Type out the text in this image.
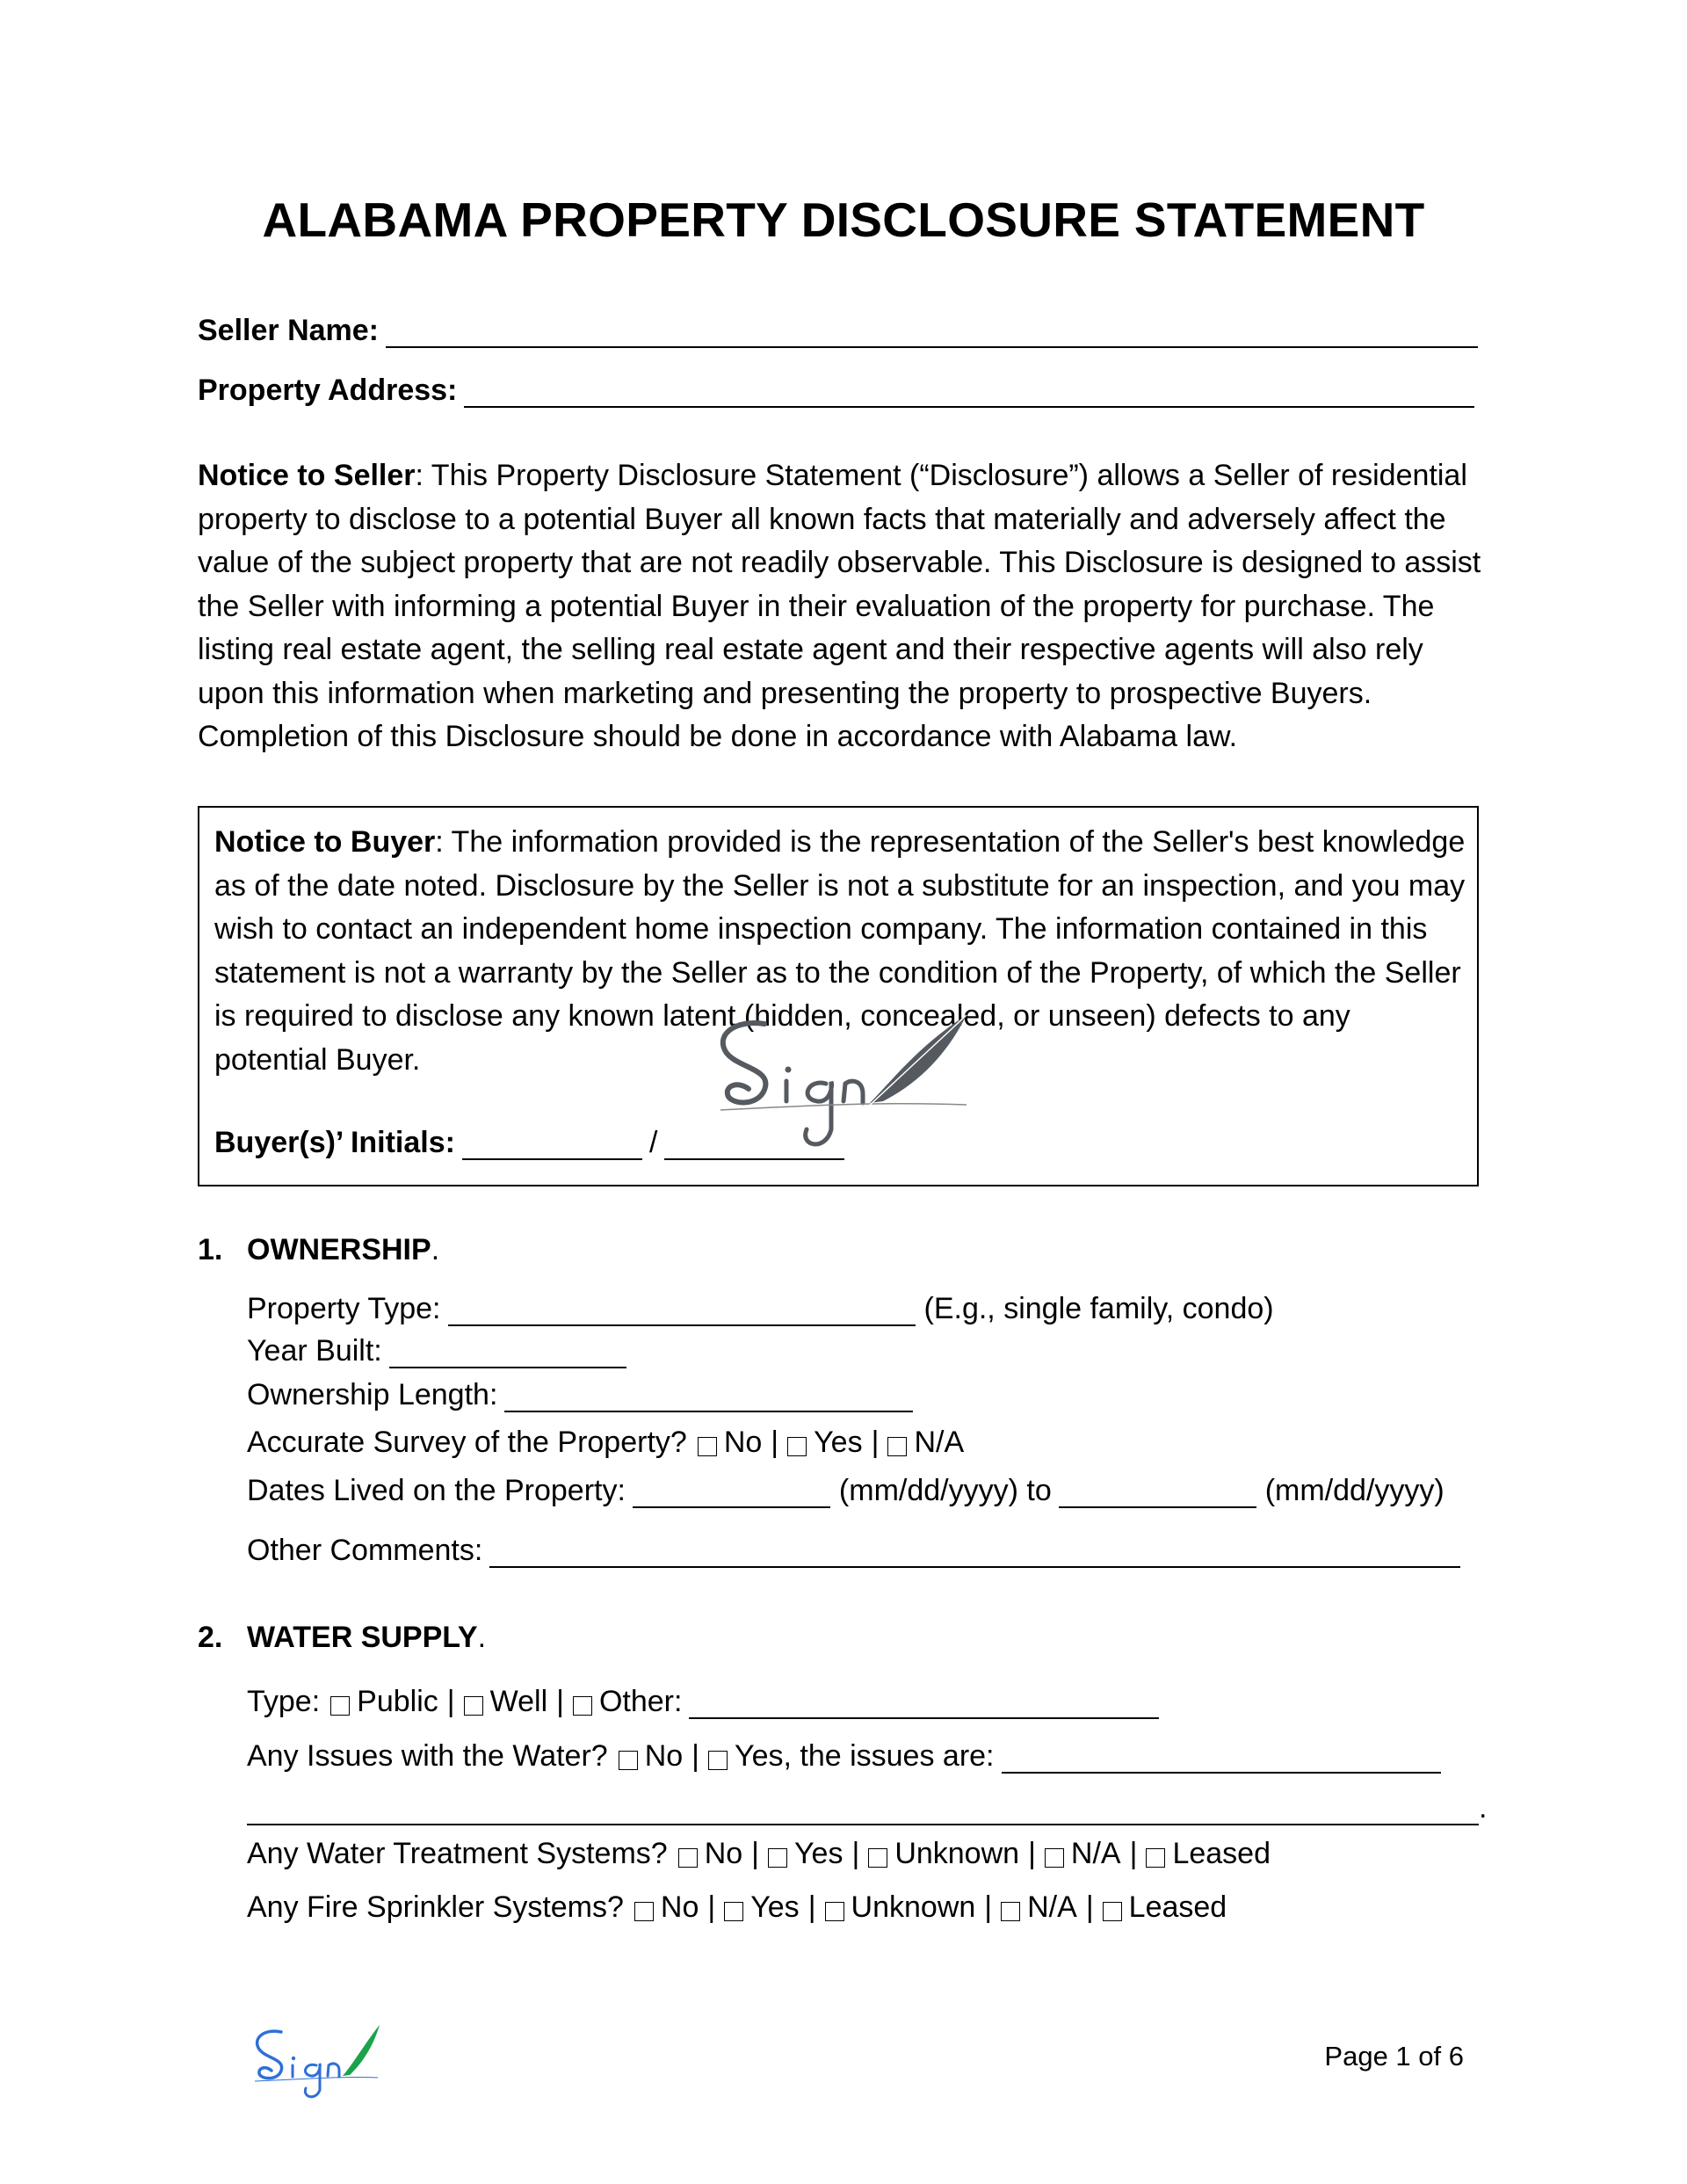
ALABAMA PROPERTY DISCLOSURE STATEMENT
Seller Name:
Property Address:
Notice to Seller: This Property Disclosure Statement (“Disclosure”) allows a Seller of residential property to disclose to a potential Buyer all known facts that materially and adversely affect the value of the subject property that are not readily observable. This Disclosure is designed to assist the Seller with informing a potential Buyer in their evaluation of the property for purchase. The listing real estate agent, the selling real estate agent and their respective agents will also rely upon this information when marketing and presenting the property to prospective Buyers. Completion of this Disclosure should be done in accordance with Alabama law.
Notice to Buyer: The information provided is the representation of the Seller's best knowledge as of the date noted. Disclosure by the Seller is not a substitute for an inspection, and you may wish to contact an independent home inspection company. The information contained in this statement is not a warranty by the Seller as to the condition of the Property, of which the Seller is required to disclose any known latent (hidden, concealed, or unseen) defects to any potential Buyer.
Buyer(s)’ Initials:	/
1. OWNERSHIP.
Property Type:	(E.g., single family, condo)
Year Built:
Ownership Length:
Accurate Survey of the Property? No | Yes | N/A
Dates Lived on the Property:	(mm/dd/yyyy) to	(mm/dd/yyyy)
Other Comments:
2. WATER SUPPLY.
Type: Public | Well | Other:
Any Issues with the Water? No | Yes, the issues are:
.
Any Water Treatment Systems? No | Yes | Unknown | N/A | Leased
Any Fire Sprinkler Systems? No | Yes | Unknown | N/A | Leased
Page 1 of 6
